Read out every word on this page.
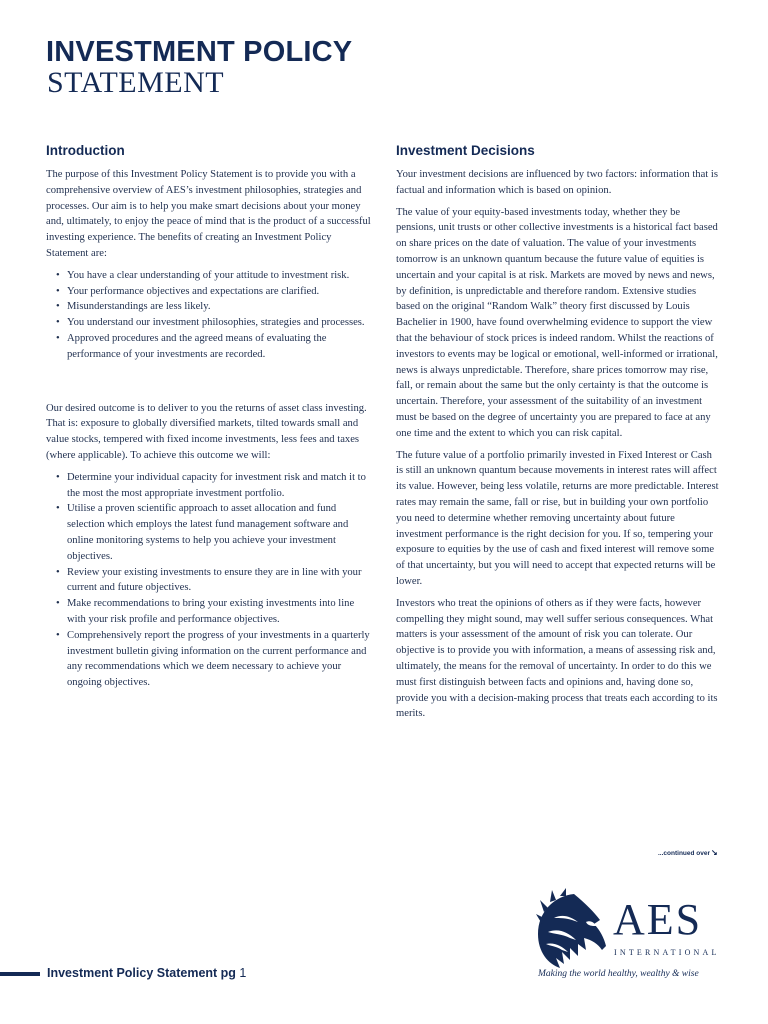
INVESTMENT POLICY
STATEMENT
Introduction

The purpose of this Investment Policy Statement is to provide you with a comprehensive overview of AES’s investment philosophies, strategies and processes. Our aim is to help you make smart decisions about your money and, ultimately, to enjoy the peace of mind that is the product of a successful investing experience. The benefits of creating an Investment Policy Statement are:

• You have a clear understanding of your attitude to investment risk.
• Your performance objectives and expectations are clarified.
• Misunderstandings are less likely.
• You understand our investment philosophies, strategies and processes.
• Approved procedures and the agreed means of evaluating the performance of your investments are recorded.

Our desired outcome is to deliver to you the returns of asset class investing. That is: exposure to globally diversified markets, tilted towards small and value stocks, tempered with fixed income investments, less fees and taxes (where applicable). To achieve this outcome we will:

• Determine your individual capacity for investment risk and match it to the most the most appropriate investment portfolio.
• Utilise a proven scientific approach to asset allocation and fund selection which employs the latest fund management software and online monitoring systems to help you achieve your investment objectives.
• Review your existing investments to ensure they are in line with your current and future objectives.
• Make recommendations to bring your existing investments into line with your risk profile and performance objectives.
• Comprehensively report the progress of your investments in a quarterly investment bulletin giving information on the current performance and any recommendations which we deem necessary to achieve your ongoing objectives.
Investment Decisions

Your investment decisions are influenced by two factors: information that is factual and information which is based on opinion.

The value of your equity-based investments today, whether they be pensions, unit trusts or other collective investments is a historical fact based on share prices on the date of valuation. The value of your investments tomorrow is an unknown quantum because the future value of equities is uncertain and your capital is at risk. Markets are moved by news and news, by definition, is unpredictable and therefore random. Extensive studies based on the original “Random Walk” theory first discussed by Louis Bachelier in 1900, have found overwhelming evidence to support the view that the behaviour of stock prices is indeed random. Whilst the reactions of investors to events may be logical or emotional, well-informed or irrational, news is always unpredictable. Therefore, share prices tomorrow may rise, fall, or remain about the same but the only certainty is that the outcome is uncertain. Therefore, your assessment of the suitability of an investment must be based on the degree of uncertainty you are prepared to face at any one time and the extent to which you can risk capital.

The future value of a portfolio primarily invested in Fixed Interest or Cash is still an unknown quantum because movements in interest rates will affect its value. However, being less volatile, returns are more predictable. Interest rates may remain the same, fall or rise, but in building your own portfolio you need to determine whether removing uncertainty about future investment performance is the right decision for you. If so, tempering your exposure to equities by the use of cash and fixed interest will remove some of that uncertainty, but you will need to accept that expected returns will be lower.

Investors who treat the opinions of others as if they were facts, however compelling they might sound, may well suffer serious consequences. What matters is your assessment of the amount of risk you can tolerate. Our objective is to provide you with information, a means of assessing risk and, ultimately, the means for the removal of uncertainty. In order to do this we must first distinguish between facts and opinions and, having done so, provide you with a decision-making process that treats each according to its merits.

...continued over↘
AES
INTERNATIONAL
Making the world healthy, wealthy & wise
Investment Policy Statement pg 1
